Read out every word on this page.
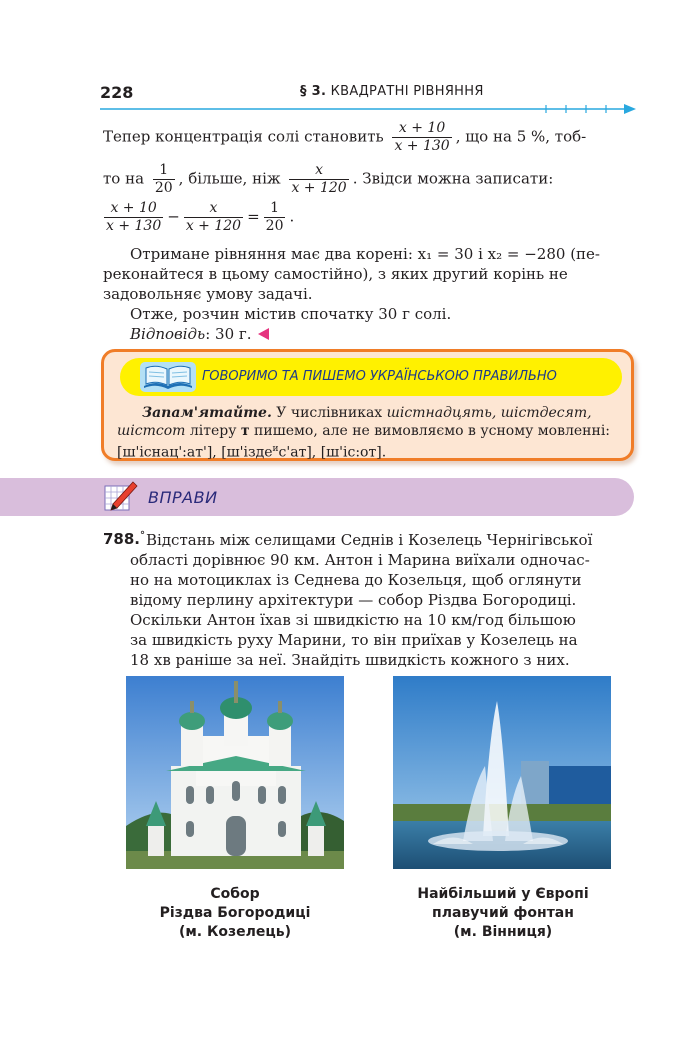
228	§ 3. КВАДРАТНІ РІВНЯННЯ
Тепер концентрація солі становить $\frac{x + 10}{x + 130}$ , що на 5 %, тоб-
то на $\frac{1}{20}$ , більше, ніж $\frac{x}{x + 120}$ . Звідси можна записати:
$\frac{x + 10}{x + 130} - \frac{x}{x + 120} = \frac{1}{20}$ .
Отримане рівняння має два корені: x₁ = 30 і x₂ = −280 (пе-
реконайтеся в цьому самостійно), з яких другий корінь не
задовольняє умову задачі.
Отже, розчин містив спочатку 30 г солі.
Відповідь: 30 г.
ГОВОРИМО ТА ПИШЕМО УКРАЇНСЬКОЮ ПРАВИЛЬНО
Запам'ятайте. У числівниках шістнадцять, шістдесят,
шістсот літеру т пишемо, але не вимовляємо в усному мовленні:
[ш'існац':ат'], [ш'ізде$^и$с'ат], [ш'іс:от].
ВПРАВИ
788.° Відстань між селищами Седнів і Козелець Чернігівської
області дорівнює 90 км. Антон і Марина виїхали одночас-
но на мотоциклах із Седнева до Козельця, щоб оглянути
відому перлину архітектури — собор Різдва Богородиці.
Оскільки Антон їхав зі швидкістю на 10 км/год більшою
за швидкість руху Марини, то він приїхав у Козелець на
18 хв раніше за неї. Знайдіть швидкість кожного з них.
Собор
Різдва Богородиці
(м. Козелець)
Найбільший у Європі
плавучий фонтан
(м. Вінниця)
